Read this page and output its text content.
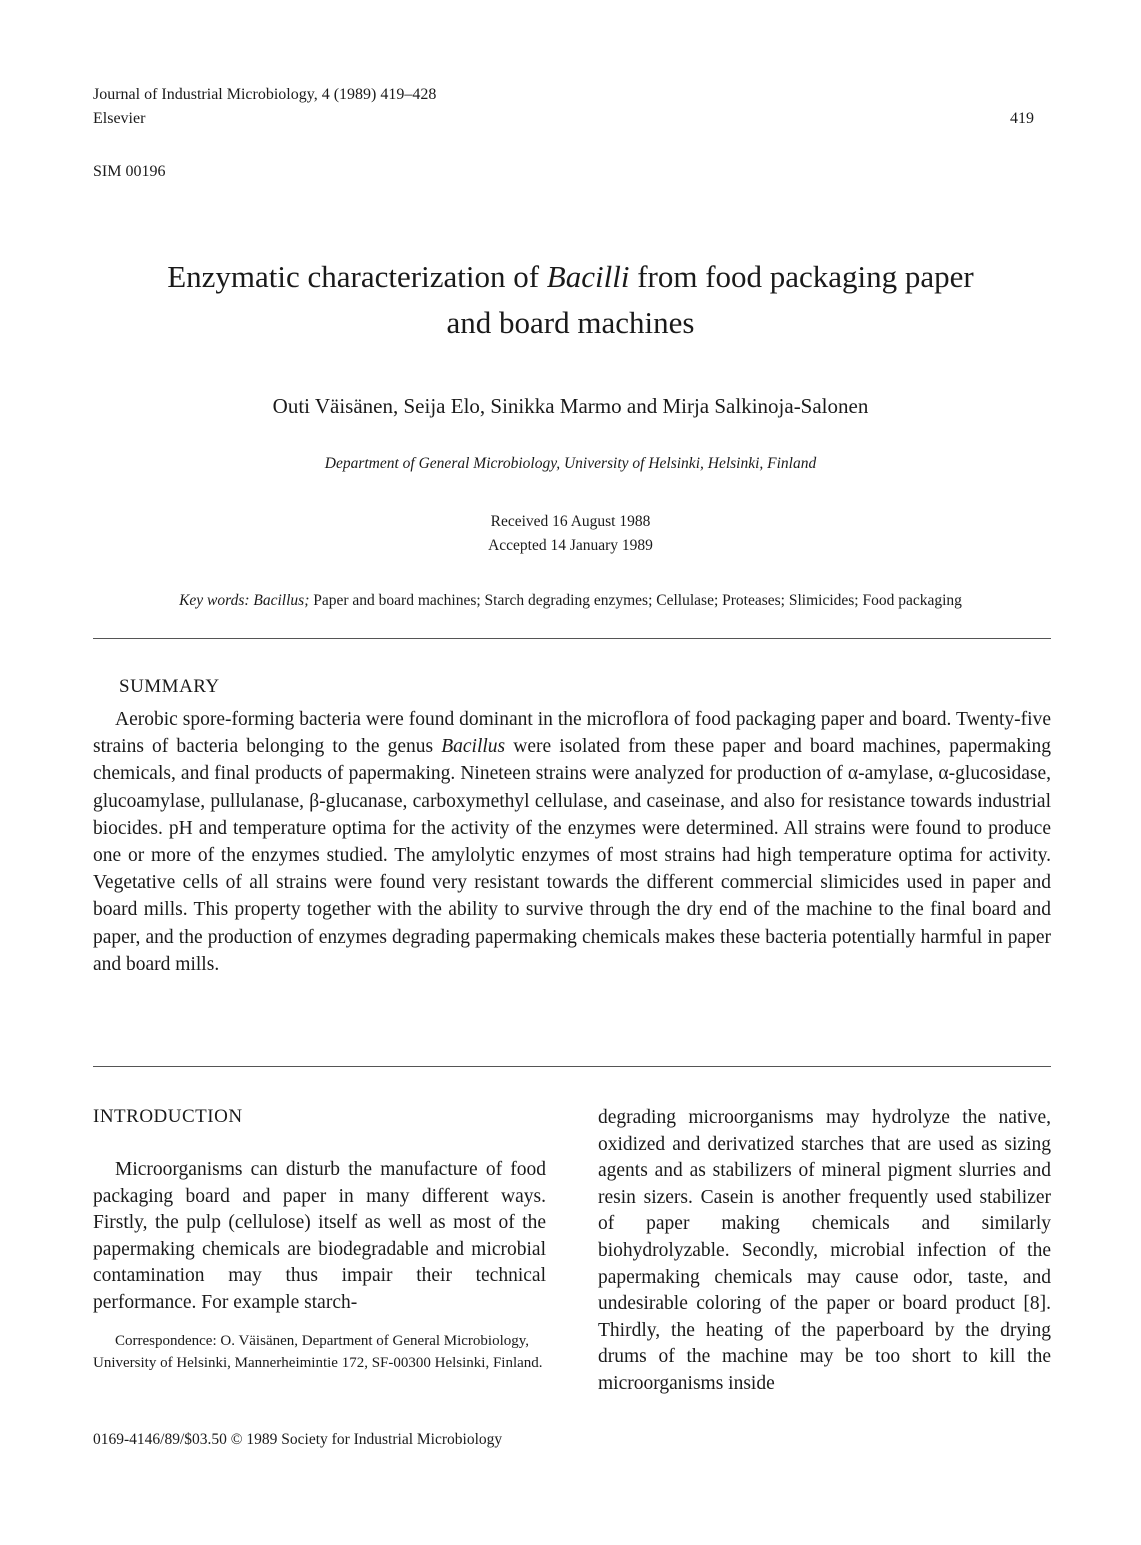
Journal of Industrial Microbiology, 4 (1989) 419–428
Elsevier	419
SIM 00196
Enzymatic characterization of Bacilli from food packaging paper
and board machines
Outi Väisänen, Seija Elo, Sinikka Marmo and Mirja Salkinoja-Salonen
Department of General Microbiology, University of Helsinki, Helsinki, Finland
Received 16 August 1988
Accepted 14 January 1989
Key words: Bacillus; Paper and board machines; Starch degrading enzymes; Cellulase; Proteases; Slimicides; Food packaging
SUMMARY
Aerobic spore-forming bacteria were found dominant in the microflora of food packaging paper and board. Twenty-five strains of bacteria belonging to the genus Bacillus were isolated from these paper and board machines, papermaking chemicals, and final products of papermaking. Nineteen strains were analyzed for production of α-amylase, α-glucosidase, glucoamylase, pullulanase, β-glucanase, carboxymethyl cellulase, and caseinase, and also for resistance towards industrial biocides. pH and temperature optima for the activity of the enzymes were determined. All strains were found to produce one or more of the enzymes studied. The amylolytic enzymes of most strains had high temperature optima for activity. Vegetative cells of all strains were found very resistant towards the different commercial slimicides used in paper and board mills. This property together with the ability to survive through the dry end of the machine to the final board and paper, and the production of enzymes degrading papermaking chemicals makes these bacteria potentially harmful in paper and board mills.
INTRODUCTION
Microorganisms can disturb the manufacture of food packaging board and paper in many different ways. Firstly, the pulp (cellulose) itself as well as most of the papermaking chemicals are biodegradable and microbial contamination may thus impair their technical performance. For example starch-
degrading microorganisms may hydrolyze the native, oxidized and derivatized starches that are used as sizing agents and as stabilizers of mineral pigment slurries and resin sizers. Casein is another frequently used stabilizer of paper making chemicals and similarly biohydrolyzable. Secondly, microbial infection of the papermaking chemicals may cause odor, taste, and undesirable coloring of the paper or board product [8]. Thirdly, the heating of the paperboard by the drying drums of the machine may be too short to kill the microorganisms inside
Correspondence: O. Väisänen, Department of General Microbiology, University of Helsinki, Mannerheimintie 172, SF-00300 Helsinki, Finland.
0169-4146/89/$03.50 © 1989 Society for Industrial Microbiology
